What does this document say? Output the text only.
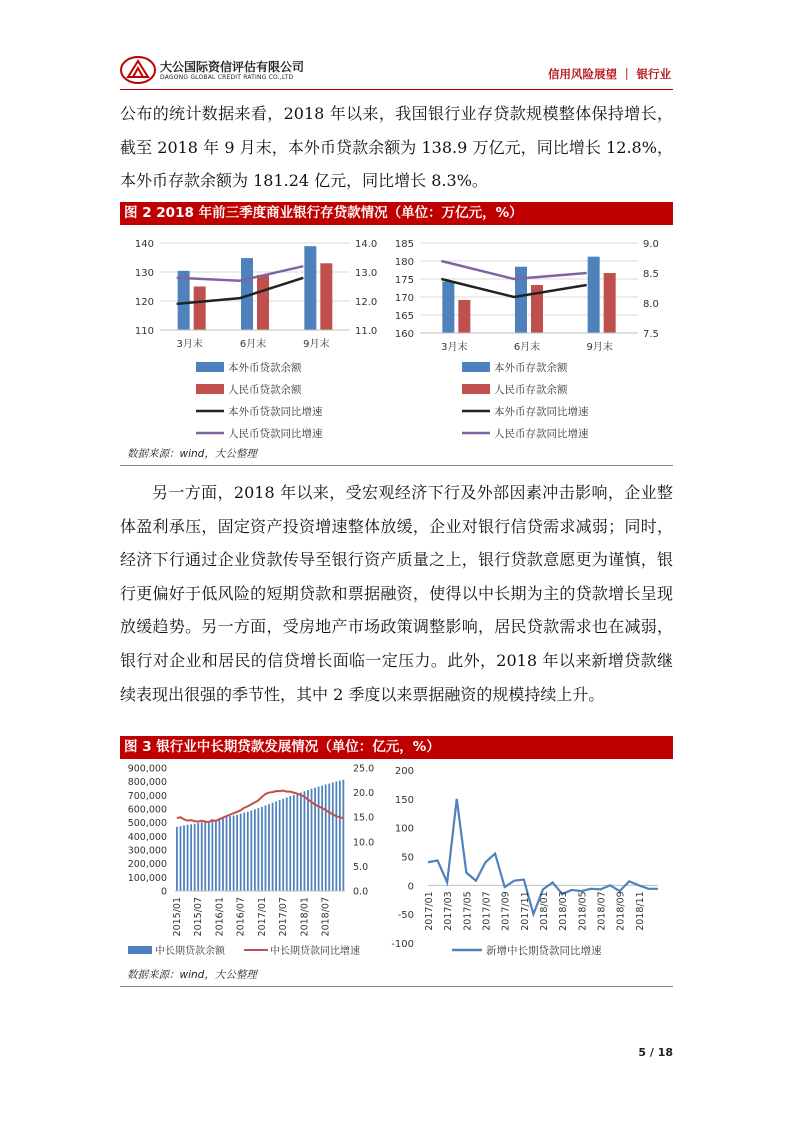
大公国际资信评估有限公司
DAGONG GLOBAL CREDIT RATING CO.,LTD	信用风险展望 ｜ 银行业

公布的统计数据来看，2018 年以来，我国银行业存贷款规模整体保持增长，截至 2018 年 9 月末，本外币贷款余额为 138.9 万亿元，同比增长 12.8%，本外币存款余额为 181.24 亿元，同比增长 8.3%。

图 2 2018 年前三季度商业银行存贷款情况（单位：万亿元，%）
110
120
130
140
11.0
12.0
13.0
14.0
3月末	6月末	9月末
本外币贷款余额
人民币贷款余额
本外币贷款同比增速
人民币贷款同比增速
160
165
170
175
180
185
7.5
8.0
8.5
9.0
3月末	6月末	9月末
本外币存款余额
人民币存款余额
本外币存款同比增速
人民币存款同比增速
数据来源：wind，大公整理

另一方面，2018 年以来，受宏观经济下行及外部因素冲击影响，企业整体盈利承压，固定资产投资增速整体放缓，企业对银行信贷需求减弱；同时，经济下行通过企业贷款传导至银行资产质量之上，银行贷款意愿更为谨慎，银行更偏好于低风险的短期贷款和票据融资，使得以中长期为主的贷款增长呈现放缓趋势。另一方面，受房地产市场政策调整影响，居民贷款需求也在减弱，银行对企业和居民的信贷增长面临一定压力。此外，2018 年以来新增贷款继续表现出很强的季节性，其中 2 季度以来票据融资的规模持续上升。

图 3 银行业中长期贷款发展情况（单位：亿元，%）
0
100,000
200,000
300,000
400,000
500,000
600,000
700,000
800,000
900,000
0.0
5.0
10.0
15.0
20.0
25.0
2015/01 2015/07 2016/01 2016/07 2017/01 2017/07 2018/01 2018/07
中长期贷款余额	中长期贷款同比增速
-100
-50
0
50
100
150
200
2017/01 2017/03 2017/05 2017/07 2017/09 2017/11 2018/01 2018/03 2018/05 2018/07 2018/09 2018/11
新增中长期贷款同比增速
数据来源：wind，大公整理
5 / 18
